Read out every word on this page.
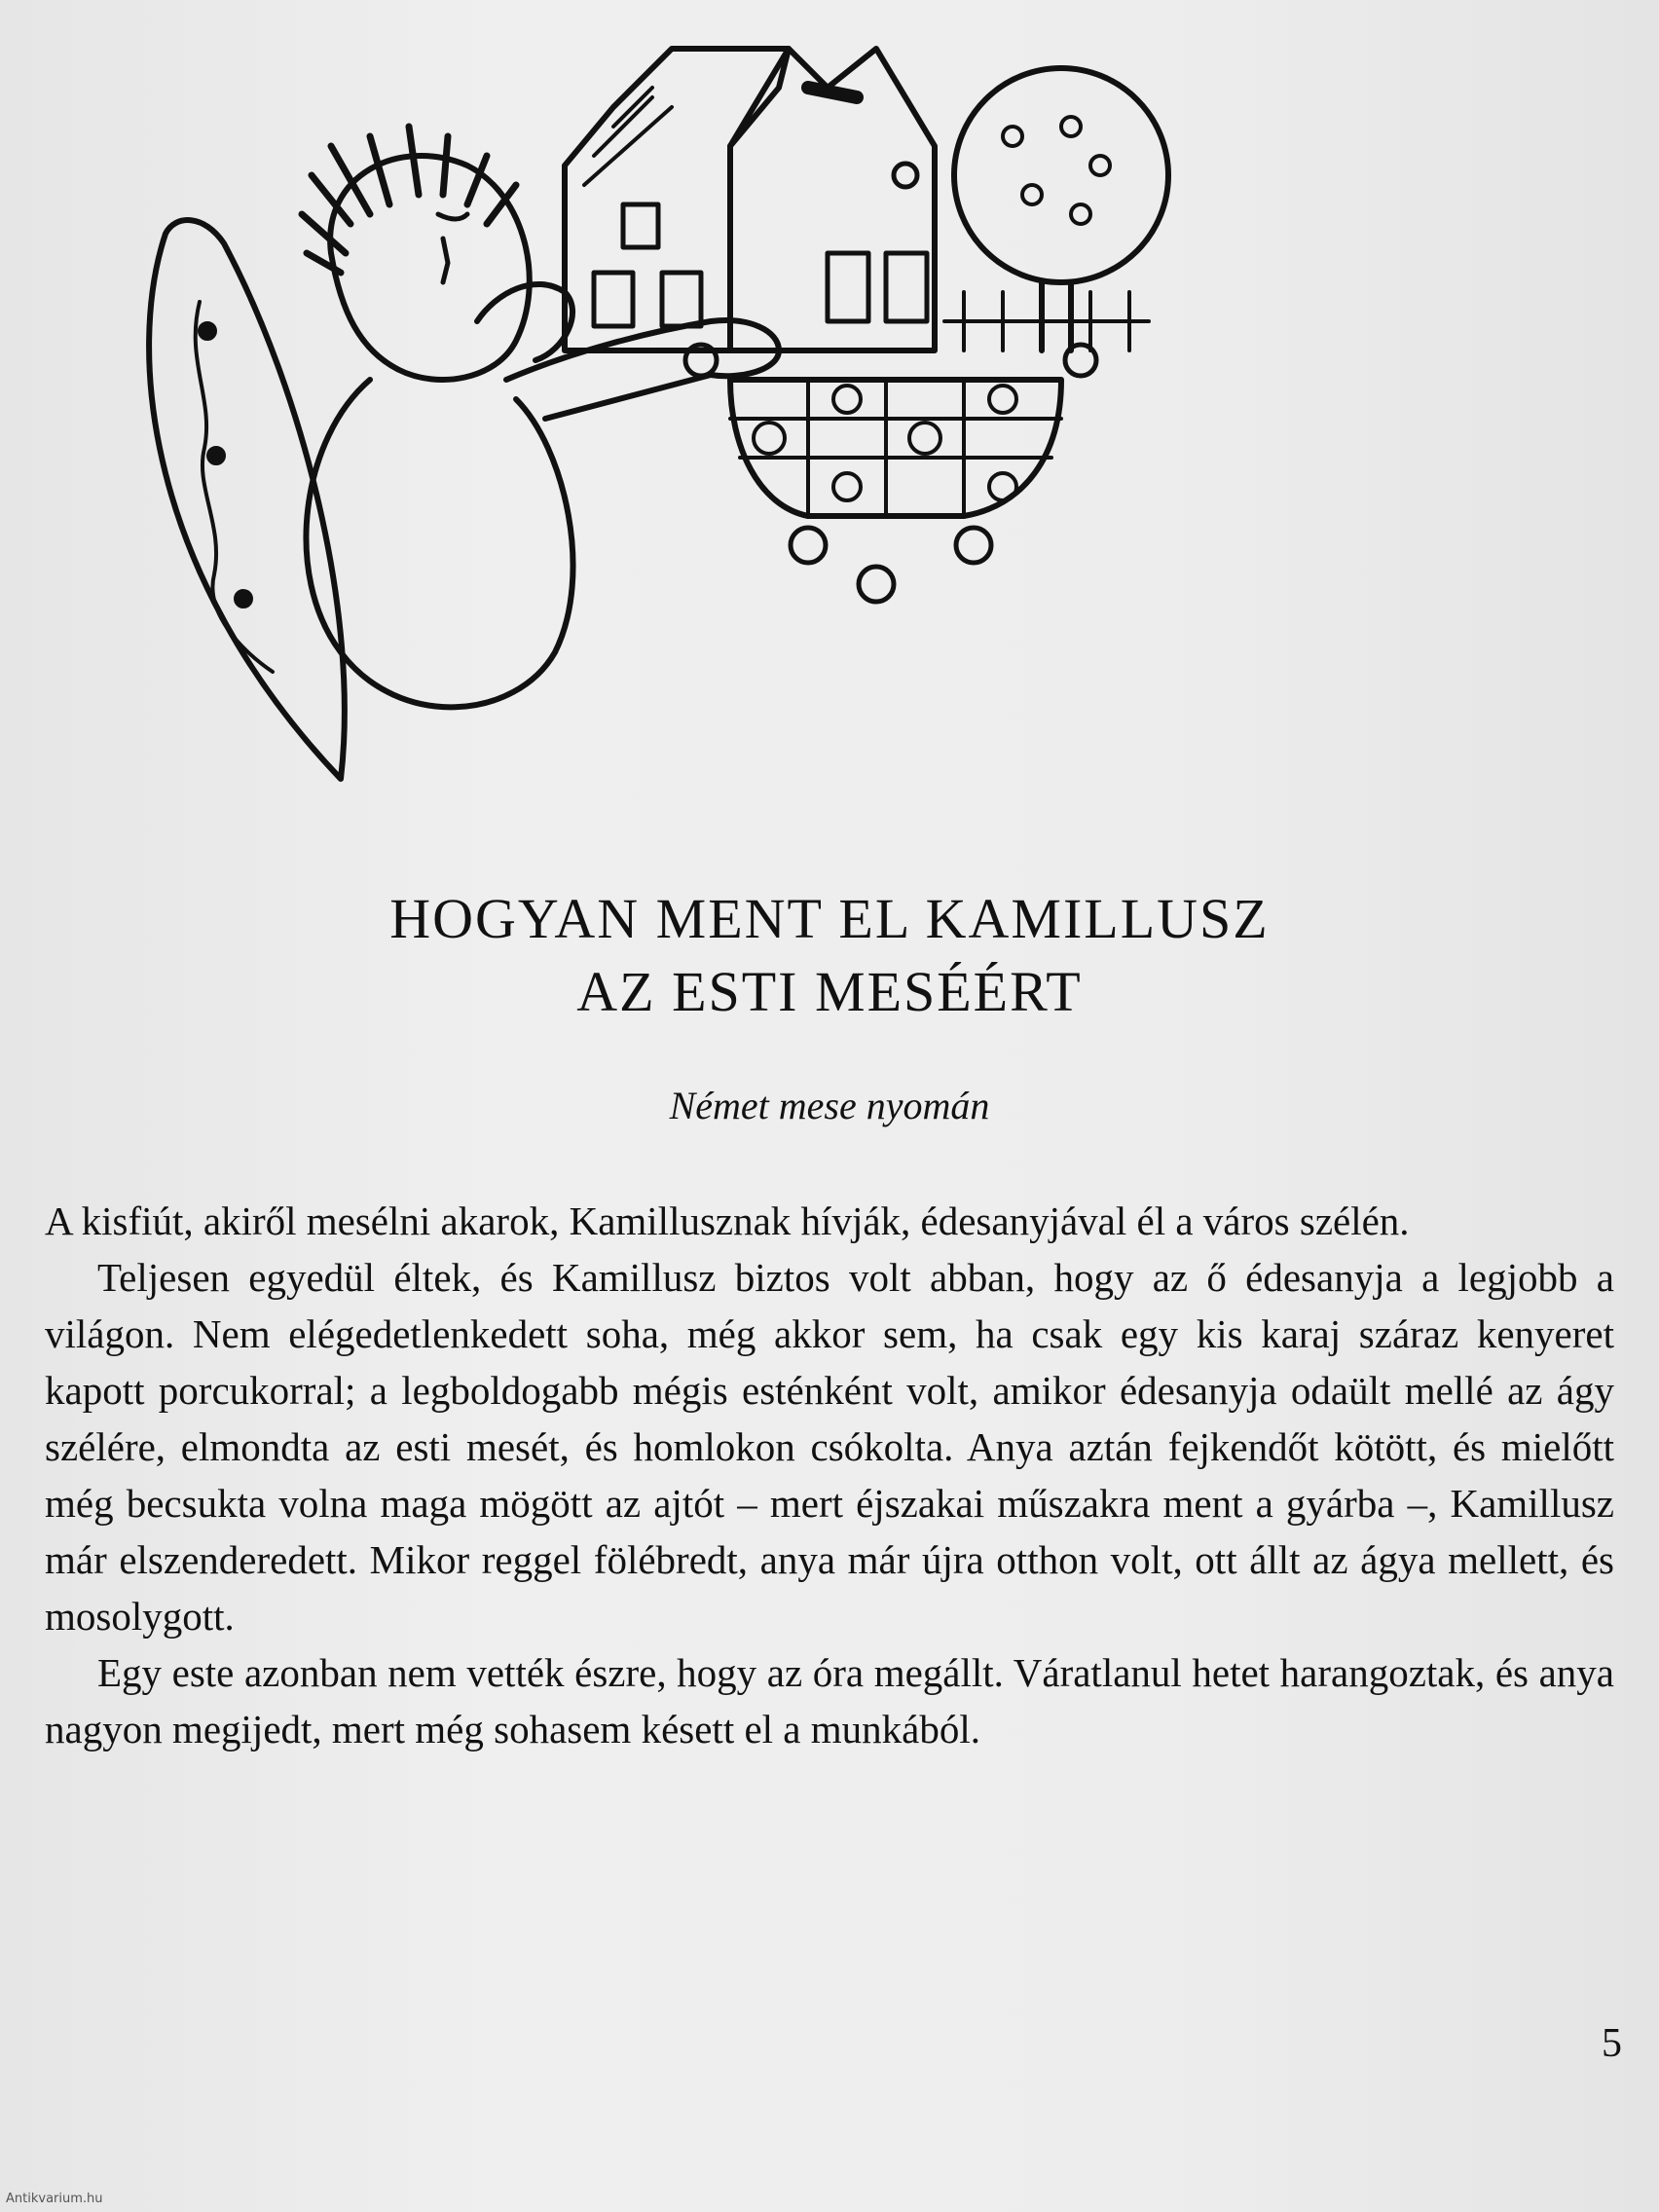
HOGYAN MENT EL KAMILLUSZ
AZ ESTI MESÉÉRT
Német mese nyomán

A kisfiút, akiről mesélni akarok, Kamillusznak hívják, édesanyjával él a város szélén.

Teljesen egyedül éltek, és Kamillusz biztos volt abban, hogy az ő édesanyja a legjobb a világon. Nem elégedetlenkedett soha, még akkor sem, ha csak egy kis karaj száraz kenyeret kapott porcukorral; a legboldogabb mégis esténként volt, amikor édesanyja odaült mellé az ágy szélére, elmondta az esti mesét, és homlokon csókolta. Anya aztán fejkendőt kötött, és mielőtt még becsukta volna maga mögött az ajtót – mert éjszakai műszakra ment a gyárba –, Kamillusz már elszenderedett. Mikor reggel fölébredt, anya már újra otthon volt, ott állt az ágya mellett, és mosolygott.

Egy este azonban nem vették észre, hogy az óra megállt. Váratlanul hetet harangoztak, és anya nagyon megijedt, mert még sohasem késett el a munkából.

5
Antikvarium.hu
